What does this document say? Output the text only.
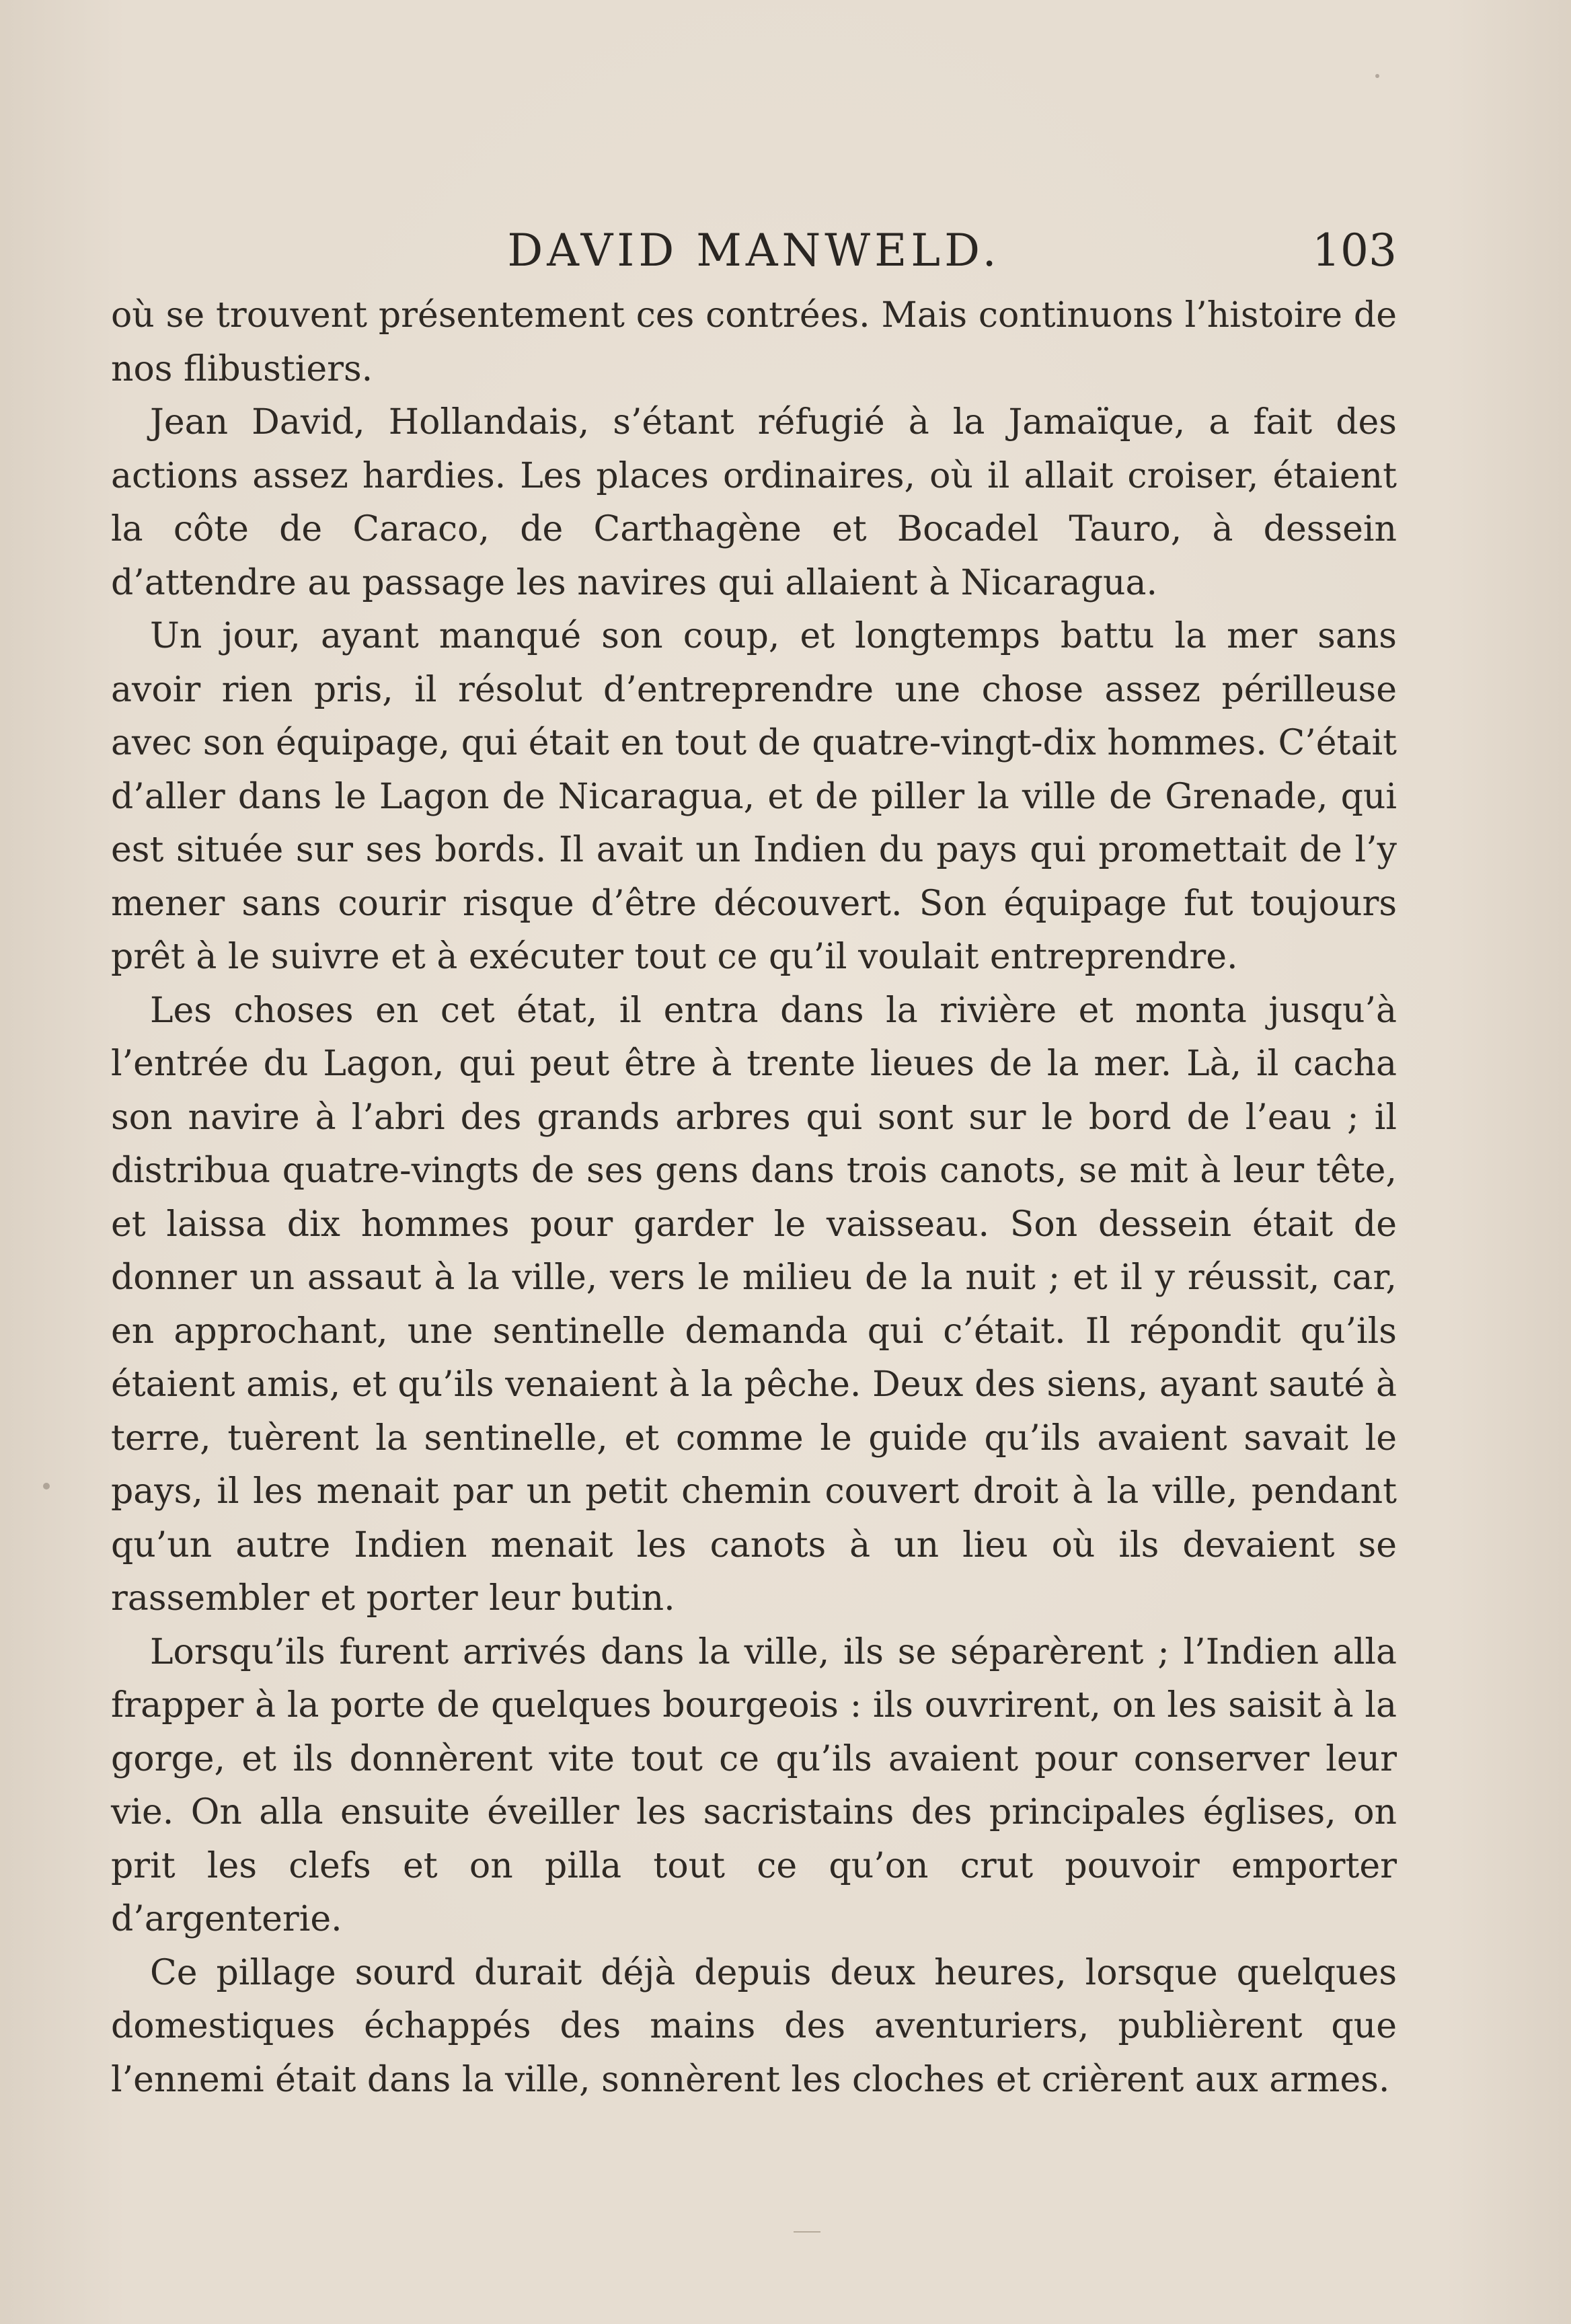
DAVID MANWELD.	103

où se trouvent présentement ces contrées. Mais continuons l’histoire de nos flibustiers.

Jean David, Hollandais, s’étant réfugié à la Jamaïque, a fait des actions assez hardies. Les places ordinaires, où il allait croiser, étaient la côte de Caraco, de Carthagène et Bocadel Tauro, à dessein d’attendre au passage les navires qui allaient à Nicaragua.

Un jour, ayant manqué son coup, et longtemps battu la mer sans avoir rien pris, il résolut d’entreprendre une chose assez périlleuse avec son équipage, qui était en tout de quatre-vingt-dix hommes. C’était d’aller dans le Lagon de Nicaragua, et de piller la ville de Grenade, qui est située sur ses bords. Il avait un Indien du pays qui promettait de l’y mener sans courir risque d’être découvert. Son équipage fut toujours prêt à le suivre et à exécuter tout ce qu’il voulait entreprendre.

Les choses en cet état, il entra dans la rivière et monta jusqu’à l’entrée du Lagon, qui peut être à trente lieues de la mer. Là, il cacha son navire à l’abri des grands arbres qui sont sur le bord de l’eau ; il distribua quatre-vingts de ses gens dans trois canots, se mit à leur tête, et laissa dix hommes pour garder le vaisseau. Son dessein était de donner un assaut à la ville, vers le milieu de la nuit ; et il y réussit, car, en approchant, une sentinelle demanda qui c’était. Il répondit qu’ils étaient amis, et qu’ils venaient à la pêche. Deux des siens, ayant sauté à terre, tuèrent la sentinelle, et comme le guide qu’ils avaient savait le pays, il les menait par un petit chemin couvert droit à la ville, pendant qu’un autre Indien menait les canots à un lieu où ils devaient se rassembler et porter leur butin.

Lorsqu’ils furent arrivés dans la ville, ils se séparèrent ; l’Indien alla frapper à la porte de quelques bourgeois : ils ouvrirent, on les saisit à la gorge, et ils donnèrent vite tout ce qu’ils avaient pour conserver leur vie. On alla ensuite éveiller les sacristains des principales églises, on prit les clefs et on pilla tout ce qu’on crut pouvoir emporter d’argenterie.

Ce pillage sourd durait déjà depuis deux heures, lorsque quelques domestiques échappés des mains des aventuriers, publièrent que l’ennemi était dans la ville, sonnèrent les cloches et crièrent aux armes.
